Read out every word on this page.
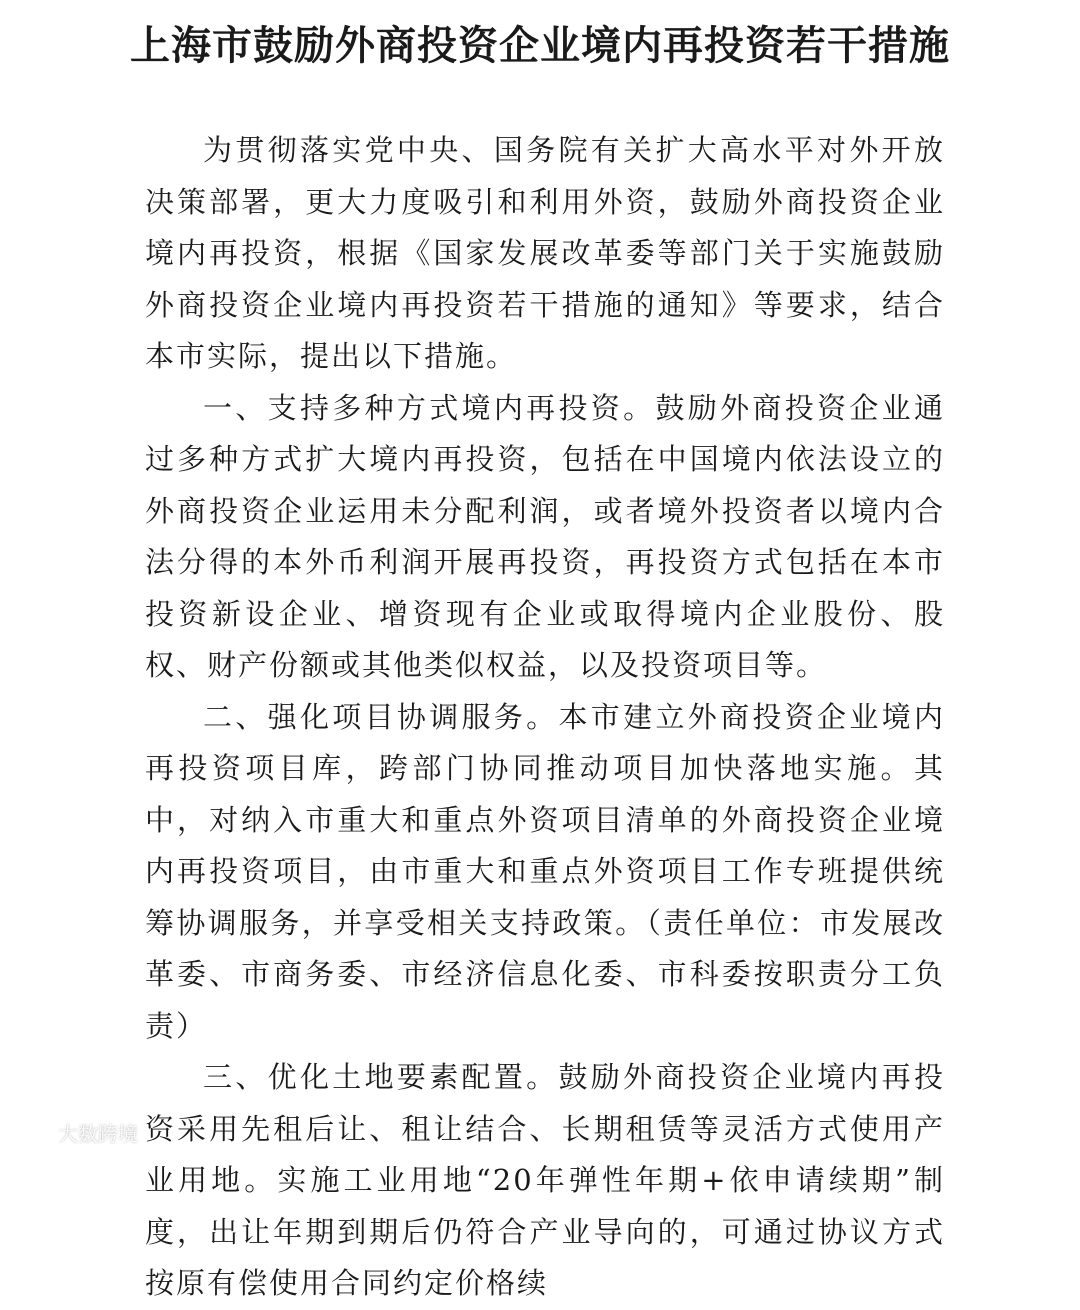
上海市鼓励外商投资企业境内再投资若干措施

为贯彻落实党中央、国务院有关扩大高水平对外开放决策部署，更大力度吸引和利用外资，鼓励外商投资企业境内再投资，根据《国家发展改革委等部门关于实施鼓励外商投资企业境内再投资若干措施的通知》等要求，结合本市实际，提出以下措施。

一、支持多种方式境内再投资。鼓励外商投资企业通过多种方式扩大境内再投资，包括在中国境内依法设立的外商投资企业运用未分配利润，或者境外投资者以境内合法分得的本外币利润开展再投资，再投资方式包括在本市投资新设企业、增资现有企业或取得境内企业股份、股权、财产份额或其他类似权益，以及投资项目等。

二、强化项目协调服务。本市建立外商投资企业境内再投资项目库，跨部门协同推动项目加快落地实施。其中，对纳入市重大和重点外资项目清单的外商投资企业境内再投资项目，由市重大和重点外资项目工作专班提供统筹协调服务，并享受相关支持政策。（责任单位：市发展改革委、市商务委、市经济信息化委、市科委按职责分工负责）

三、优化土地要素配置。鼓励外商投资企业境内再投资采用先租后让、租让结合、长期租赁等灵活方式使用产业用地。实施工业用地“20年弹性年期+依申请续期”制度，出让年期到期后仍符合产业导向的，可通过协议方式按原有偿使用合同约定价格续

大数跨境
